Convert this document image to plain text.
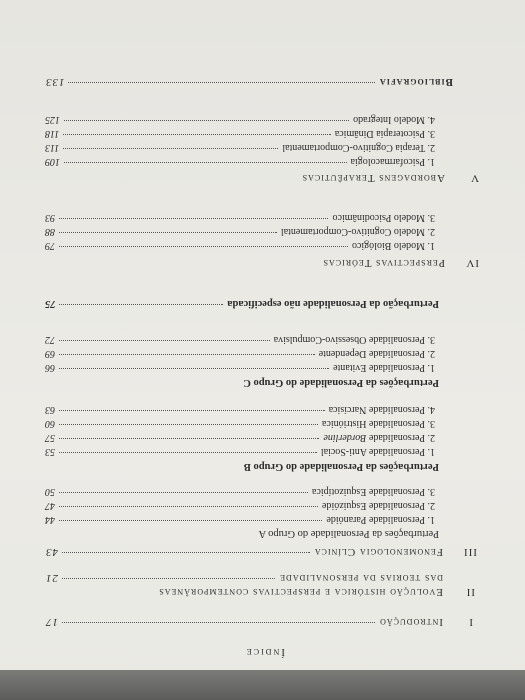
Índice
I
Introdução
17
II
Evolução histórica e perspectivas contemporâneas
das teorias da personalidade
21
III
Fenomenologia Clínica
43
Perturbações da Personalidade do Grupo A
1. Personalidade Paranóide
44
2. Personalidade Esquizóide
47
3. Personalidade Esquizotípica
50
Perturbações da Personalidade do Grupo B
1. Personalidade Anti-Social
53
2. Personalidade Borderline
57
3. Personalidade Histriónica
60
4. Personalidade Narcísica
63
Perturbações da Personalidade do Grupo C
1. Personalidade Evitante
66
2. Personalidade Dependente
69
3. Personalidade Obsessivo-Compulsiva
72
Perturbação da Personalidade não especificada
75
IV
Perspectivas Teóricas
1. Modelo Biológico
79
2. Modelo Cognitivo-Comportamental
88
3. Modelo Psicodinâmico
93
V
Abordagens Terapêuticas
1. Psicofarmacologia
109
2. Terapia Cognitivo-Comportamental
113
3. Psicoterapia Dinâmica
118
4. Modelo Integrado
125
Bibliografia
133
